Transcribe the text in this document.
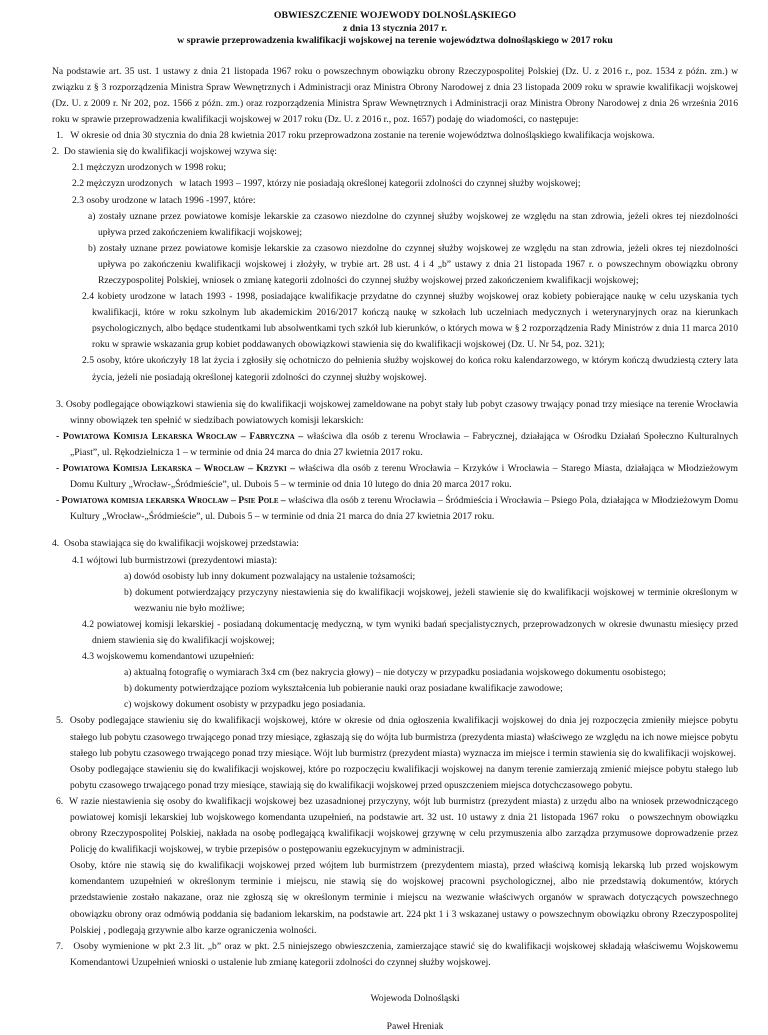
OBWIESZCZENIE WOJEWODY DOLNOŚLĄSKIEGO

z dnia 13 stycznia 2017 r.

w sprawie przeprowadzenia kwalifikacji wojskowej na terenie województwa dolnośląskiego w 2017 roku

Na podstawie art. 35 ust. 1 ustawy z dnia 21 listopada 1967 roku o powszechnym obowiązku obrony Rzeczypospolitej Polskiej (Dz. U. z 2016 r., poz. 1534 z późn. zm.) w związku z § 3 rozporządzenia Ministra Spraw Wewnętrznych i Administracji oraz Ministra Obrony Narodowej z dnia 23 listopada 2009 roku w sprawie kwalifikacji wojskowej (Dz. U. z 2009 r. Nr 202, poz. 1566 z późn. zm.) oraz rozporządzenia Ministra Spraw Wewnętrznych i Administracji oraz Ministra Obrony Narodowej z dnia 26 września 2016 roku w sprawie przeprowadzenia kwalifikacji wojskowej w 2017 roku (Dz. U. z 2016 r., poz. 1657) podaję do wiadomości, co następuje:

1.   W okresie od dnia 30 stycznia do dnia 28 kwietnia 2017 roku przeprowadzona zostanie na terenie województwa dolnośląskiego kwalifikacja wojskowa.

2.  Do stawienia się do kwalifikacji wojskowej wzywa się:

2.1 mężczyzn urodzonych w 1998 roku;

2.2 mężczyzn urodzonych   w latach 1993 – 1997, którzy nie posiadają określonej kategorii zdolności do czynnej służby wojskowej;

2.3 osoby urodzone w latach 1996 -1997, które:

a) zostały uznane przez powiatowe komisje lekarskie za czasowo niezdolne do czynnej służby wojskowej ze względu na stan zdrowia, jeżeli okres tej niezdolności upływa przed zakończeniem kwalifikacji wojskowej;

b) zostały uznane przez powiatowe komisje lekarskie za czasowo niezdolne do czynnej służby wojskowej ze względu na stan zdrowia, jeżeli okres tej niezdolności upływa po zakończeniu kwalifikacji wojskowej i złożyły, w trybie art. 28 ust. 4 i 4 „b” ustawy z dnia 21 listopada 1967 r. o powszechnym obowiązku obrony Rzeczypospolitej Polskiej, wniosek o zmianę kategorii zdolności do czynnej służby wojskowej przed zakończeniem kwalifikacji wojskowej;

2.4 kobiety urodzone w latach 1993 - 1998, posiadające kwalifikacje przydatne do czynnej służby wojskowej oraz kobiety pobierające naukę w celu uzyskania tych kwalifikacji, które w roku szkolnym lub akademickim 2016/2017 kończą naukę w szkołach lub uczelniach medycznych i weterynaryjnych oraz na kierunkach psychologicznych, albo będące studentkami lub absolwentkami tych szkół lub kierunków, o których mowa w § 2 rozporządzenia Rady Ministrów z dnia 11 marca 2010 roku w sprawie wskazania grup kobiet poddawanych obowiązkowi stawienia się do kwalifikacji wojskowej (Dz. U. Nr 54, poz. 321);

2.5 osoby, które ukończyły 18 lat życia i zgłosiły się ochotniczo do pełnienia służby wojskowej do końca roku kalendarzowego, w którym kończą dwudziestą cztery lata życia, jeżeli nie posiadają określonej kategorii zdolności do czynnej służby wojskowej.

3. Osoby podlegające obowiązkowi stawienia się do kwalifikacji wojskowej zameldowane na pobyt stały lub pobyt czasowy trwający ponad trzy miesiące na terenie Wrocławia winny obowiązek ten spełnić w siedzibach powiatowych komisji lekarskich:

- Powiatowa Komisja Lekarska Wrocław – Fabryczna – właściwa dla osób z terenu Wrocławia – Fabrycznej, działająca w Ośrodku Działań Społeczno Kulturalnych „Piast”, ul. Rękodzielnicza 1 – w terminie od dnia 24 marca do dnia 27 kwietnia 2017 roku.

- Powiatowa Komisja Lekarska – Wrocław – Krzyki – właściwa dla osób z terenu Wrocławia – Krzyków i Wrocławia – Starego Miasta, działająca w Młodzieżowym Domu Kultury „Wrocław-„Śródmieście”, ul. Dubois 5 – w terminie od dnia 10 lutego do dnia 20 marca 2017 roku.

- Powiatowa komisja lekarska Wrocław – Psie Pole – właściwa dla osób z terenu Wrocławia – Śródmieścia i Wrocławia – Psiego Pola, działająca w Młodzieżowym Domu Kultury „Wrocław-„Śródmieście”, ul. Dubois 5 – w terminie od dnia 21 marca do dnia 27 kwietnia 2017 roku.

4.  Osoba stawiająca się do kwalifikacji wojskowej przedstawia:

4.1 wójtowi lub burmistrzowi (prezydentowi miasta):

a) dowód osobisty lub inny dokument pozwalający na ustalenie tożsamości;

b) dokument potwierdzający przyczyny niestawienia się do kwalifikacji wojskowej, jeżeli stawienie się do kwalifikacji wojskowej w terminie określonym w wezwaniu nie było możliwe;

4.2 powiatowej komisji lekarskiej - posiadaną dokumentację medyczną, w tym wyniki badań specjalistycznych, przeprowadzonych w okresie dwunastu miesięcy przed dniem stawienia się do kwalifikacji wojskowej;

4.3 wojskowemu komendantowi uzupełnień:

a) aktualną fotografię o wymiarach 3x4 cm (bez nakrycia głowy) – nie dotyczy w przypadku posiadania wojskowego dokumentu osobistego;

b) dokumenty potwierdzające poziom wykształcenia lub pobieranie nauki oraz posiadane kwalifikacje zawodowe;

c) wojskowy dokument osobisty w przypadku jego posiadania.

5.  Osoby podlegające stawieniu się do kwalifikacji wojskowej, które w okresie od dnia ogłoszenia kwalifikacji wojskowej do dnia jej rozpoczęcia zmieniły miejsce pobytu stałego lub pobytu czasowego trwającego ponad trzy miesiące, zgłaszają się do wójta lub burmistrza (prezydenta miasta) właściwego ze względu na ich nowe miejsce pobytu stałego lub pobytu czasowego trwającego ponad trzy miesiące. Wójt lub burmistrz (prezydent miasta) wyznacza im miejsce i termin stawienia się do kwalifikacji wojskowej.

Osoby podlegające stawieniu się do kwalifikacji wojskowej, które po rozpoczęciu kwalifikacji wojskowej na danym terenie zamierzają zmienić miejsce pobytu stałego lub pobytu czasowego trwającego ponad trzy miesiące, stawiają się do kwalifikacji wojskowej przed opuszczeniem miejsca dotychczasowego pobytu.

6.  W razie niestawienia się osoby do kwalifikacji wojskowej bez uzasadnionej przyczyny, wójt lub burmistrz (prezydent miasta) z urzędu albo na wniosek przewodniczącego powiatowej komisji lekarskiej lub wojskowego komendanta uzupełnień, na podstawie art. 32 ust. 10 ustawy z dnia 21 listopada 1967 roku   o powszechnym obowiązku obrony Rzeczypospolitej Polskiej, nakłada na osobę podlegającą kwalifikacji wojskowej grzywnę w celu przymuszenia albo zarządza przymusowe doprowadzenie przez Policję do kwalifikacji wojskowej, w trybie przepisów o postępowaniu egzekucyjnym w administracji.

Osoby, które nie stawią się do kwalifikacji wojskowej przed wójtem lub burmistrzem (prezydentem miasta), przed właściwą komisją lekarską lub przed wojskowym komendantem uzupełnień w określonym terminie i miejscu, nie stawią się do wojskowej pracowni psychologicznej, albo nie przedstawią dokumentów, których przedstawienie zostało nakazane, oraz nie zgłoszą się w określonym terminie i miejscu na wezwanie właściwych organów w sprawach dotyczących powszechnego obowiązku obrony oraz odmówią poddania się badaniom lekarskim, na podstawie art. 224 pkt 1 i 3 wskazanej ustawy o powszechnym obowiązku obrony Rzeczypospolitej Polskiej , podlegają grzywnie albo karze ograniczenia wolności.

7.   Osoby wymienione w pkt 2.3 lit. „b” oraz w pkt. 2.5 niniejszego obwieszczenia, zamierzające stawić się do kwalifikacji wojskowej składają właściwemu Wojskowemu Komendantowi Uzupełnień wnioski o ustalenie lub zmianę kategorii zdolności do czynnej służby wojskowej.

Wojewoda Dolnośląski

Paweł Hreniak
